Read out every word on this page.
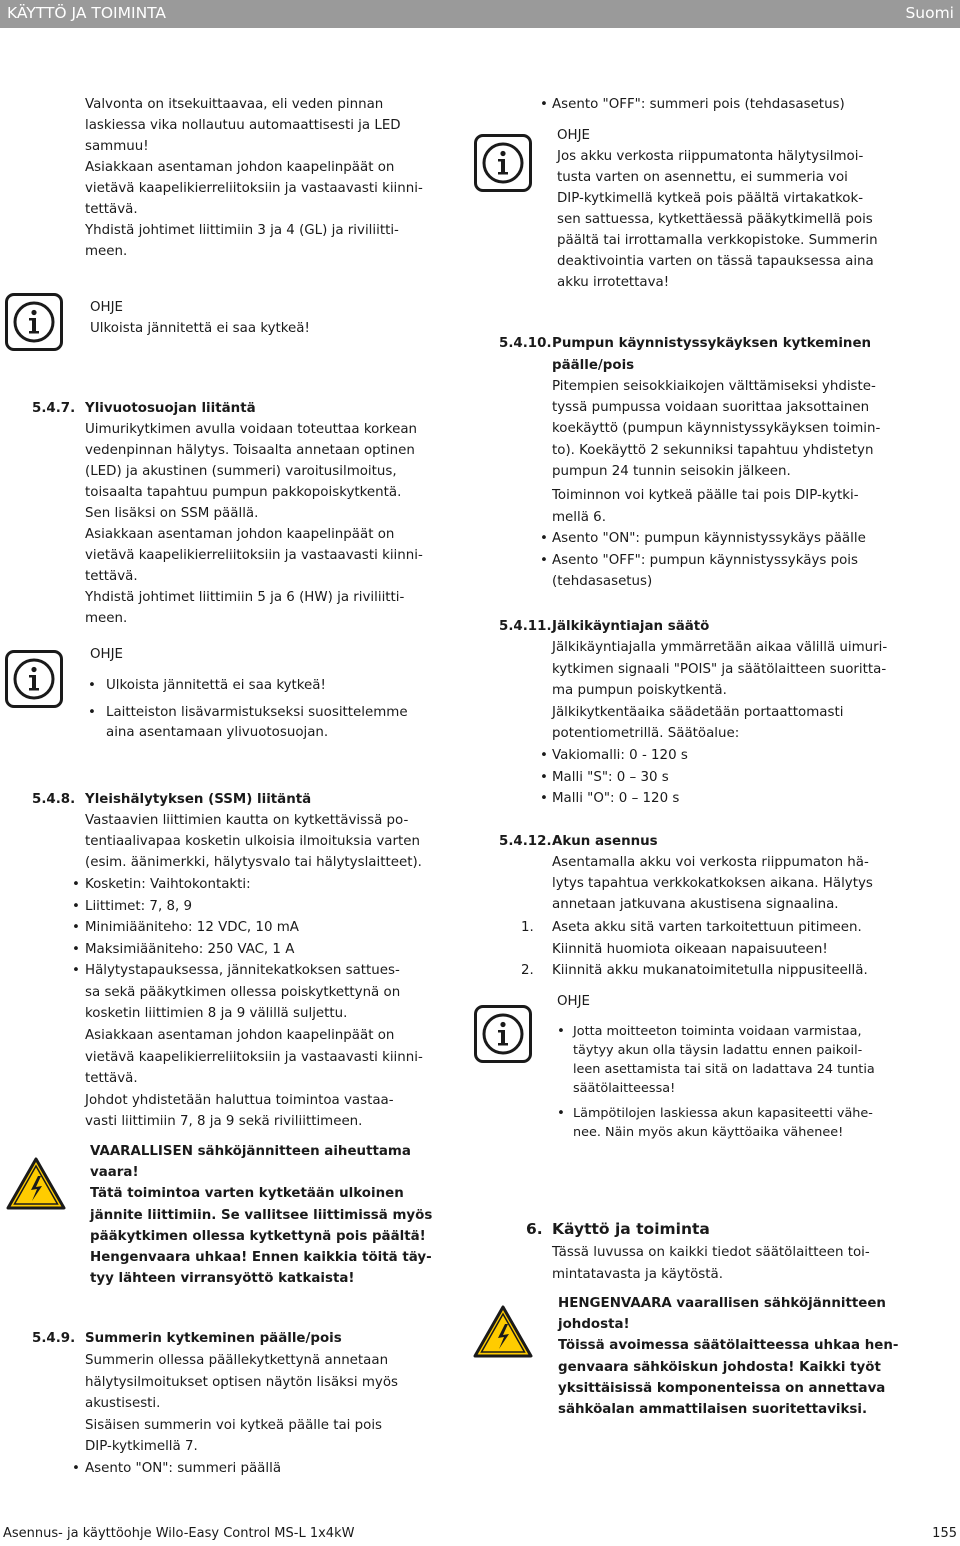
KÄYTTÖ JA TOIMINTA	Suomi
Valvonta on itsekuittaavaa, eli veden pinnan
laskiessa vika nollautuu automaattisesti ja LED
sammuu!
Asiakkaan asentaman johdon kaapelinpäät on
vietävä kaapelikierreliitoksiin ja vastaavasti kiinni-
tettävä.
Yhdistä johtimet liittimiin 3 ja 4 (GL) ja riviliitti-
meen.
OHJE
Ulkoista jännitettä ei saa kytkeä!
5.4.7. Ylivuotosuojan liitäntä
Uimurikytkimen avulla voidaan toteuttaa korkean
vedenpinnan hälytys. Toisaalta annetaan optinen
(LED) ja akustinen (summeri) varoitusilmoitus,
toisaalta tapahtuu pumpun pakkopoiskytkentä.
Sen lisäksi on SSM päällä.
Asiakkaan asentaman johdon kaapelinpäät on
vietävä kaapelikierreliitoksiin ja vastaavasti kiinni-
tettävä.
Yhdistä johtimet liittimiin 5 ja 6 (HW) ja riviliitti-
meen.
OHJE
• Ulkoista jännitettä ei saa kytkeä!
• Laitteiston lisävarmistukseksi suosittelemme
aina asentamaan ylivuotosuojan.
5.4.8. Yleishälytyksen (SSM) liitäntä
Vastaavien liittimien kautta on kytkettävissä po-
tentiaalivapaa kosketin ulkoisia ilmoituksia varten
(esim. äänimerkki, hälytysvalo tai hälytyslaitteet).
• Kosketin: Vaihtokontakti:
• Liittimet: 7, 8, 9
• Minimiääniteho: 12 VDC, 10 mA
• Maksimiääniteho: 250 VAC, 1 A
• Hälytystapauksessa, jännitekatkoksen sattues-
sa sekä pääkytkimen ollessa poiskytkettynä on
kosketin liittimien 8 ja 9 välillä suljettu.
Asiakkaan asentaman johdon kaapelinpäät on
vietävä kaapelikierreliitoksiin ja vastaavasti kiinni-
tettävä.
Johdot yhdistetään haluttua toimintoa vastaa-
vasti liittimiin 7, 8 ja 9 sekä riviliittimeen.
VAARALLISEN sähköjännitteen aiheuttama
vaara!
Tätä toimintoa varten kytketään ulkoinen
jännite liittimiin. Se vallitsee liittimissä myös
pääkytkimen ollessa kytkettynä pois päältä!
Hengenvaara uhkaa! Ennen kaikkia töitä täy-
tyy lähteen virransyöttö katkaista!
5.4.9. Summerin kytkeminen päälle/pois
Summerin ollessa päällekytkettynä annetaan
hälytysilmoitukset optisen näytön lisäksi myös
akustisesti.
Sisäisen summerin voi kytkeä päälle tai pois
DIP-kytkimellä 7.
• Asento "ON": summeri päällä
• Asento "OFF": summeri pois (tehdasasetus)
OHJE
Jos akku verkosta riippumatonta hälytysilmoi-
tusta varten on asennettu, ei summeria voi
DIP-kytkimellä kytkeä pois päältä virtakatkok-
sen sattuessa, kytkettäessä pääkytkimellä pois
päältä tai irrottamalla verkkopistoke. Summerin
deaktivointia varten on tässä tapauksessa aina
akku irrotettava!
5.4.10. Pumpun käynnistyssykäyksen kytkeminen
päälle/pois
Pitempien seisokkiaikojen välttämiseksi yhdiste-
tyssä pumpussa voidaan suorittaa jaksottainen
koekäyttö (pumpun käynnistyssykäyksen toimin-
to). Koekäyttö 2 sekunniksi tapahtuu yhdistetyn
pumpun 24 tunnin seisokin jälkeen.
Toiminnon voi kytkeä päälle tai pois DIP-kytki-
mellä 6.
• Asento "ON": pumpun käynnistyssykäys päälle
• Asento "OFF": pumpun käynnistyssykäys pois
(tehdasasetus)
5.4.11. Jälkikäyntiajan säätö
Jälkikäyntiajalla ymmärretään aikaa välillä uimuri-
kytkimen signaali "POIS" ja säätölaitteen suoritta-
ma pumpun poiskytkentä.
Jälkikytkentäaika säädetään portaattomasti
potentiometrillä. Säätöalue:
• Vakiomalli: 0 - 120 s
• Malli "S": 0 – 30 s
• Malli "O": 0 – 120 s
5.4.12. Akun asennus
Asentamalla akku voi verkosta riippumaton hä-
lytys tapahtua verkkokatkoksen aikana. Hälytys
annetaan jatkuvana akustisena signaalina.
1. Aseta akku sitä varten tarkoitettuun pitimeen.
Kiinnitä huomiota oikeaan napaisuuteen!
2. Kiinnitä akku mukanatoimitetulla nippusiteellä.
OHJE
• Jotta moitteeton toiminta voidaan varmistaa,
täytyy akun olla täysin ladattu ennen paikoil-
leen asettamista tai sitä on ladattava 24 tuntia
säätölaitteessa!
• Lämpötilojen laskiessa akun kapasiteetti vähe-
nee. Näin myös akun käyttöaika vähenee!
6. Käyttö ja toiminta
Tässä luvussa on kaikki tiedot säätölaitteen toi-
mintatavasta ja käytöstä.
HENGENVAARA vaarallisen sähköjännitteen
johdosta!
Töissä avoimessa säätölaitteessa uhkaa hen-
genvaara sähköiskun johdosta! Kaikki työt
yksittäisissä komponenteissa on annettava
sähköalan ammattilaisen suoritettaviksi.
Asennus- ja käyttöohje Wilo-Easy Control MS-L 1x4kW	155
